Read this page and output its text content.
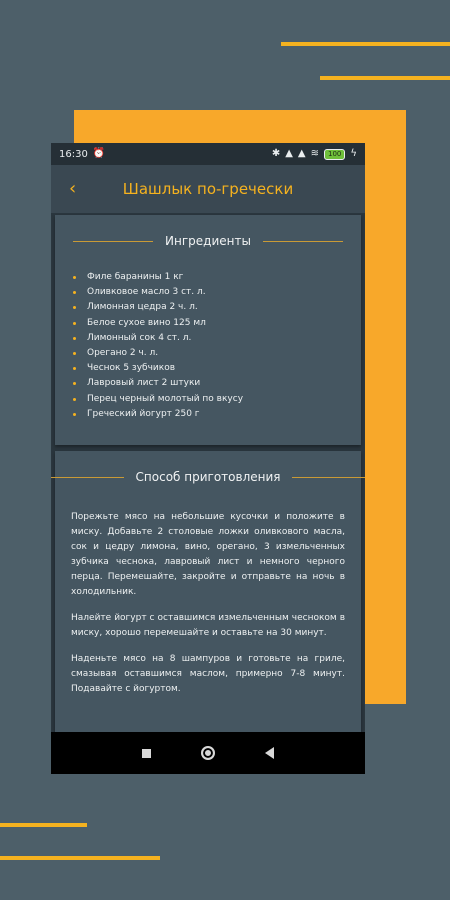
16:30 ⏰	✱ ▲ ▲ ≋	100 ϟ
‹	Шашлык по-гречески
Ингредиенты
Филе баранины 1 кг
Оливковое масло 3 ст. л.
Лимонная цедра 2 ч. л.
Белое сухое вино 125 мл
Лимонный сок 4 ст. л.
Орегано 2 ч. л.
Чеснок 5 зубчиков
Лавровый лист 2 штуки
Перец черный молотый по вкусу
Греческий йогурт 250 г
Способ приготовления

Порежьте мясо на небольшие кусочки и положите в миску. Добавьте 2 столовые ложки оливкового масла, сок и цедру лимона, вино, орегано, 3 измельченных зубчика чеснока, лавровый лист и немного черного перца. Перемешайте, закройте и отправьте на ночь в холодильник.

Налейте йогурт с оставшимся измельченным чесноком в миску, хорошо перемешайте и оставьте на 30 минут.

Наденьте мясо на 8 шампуров и готовьте на гриле, смазывая оставшимся маслом, примерно 7-8 минут. Подавайте с йогуртом.
